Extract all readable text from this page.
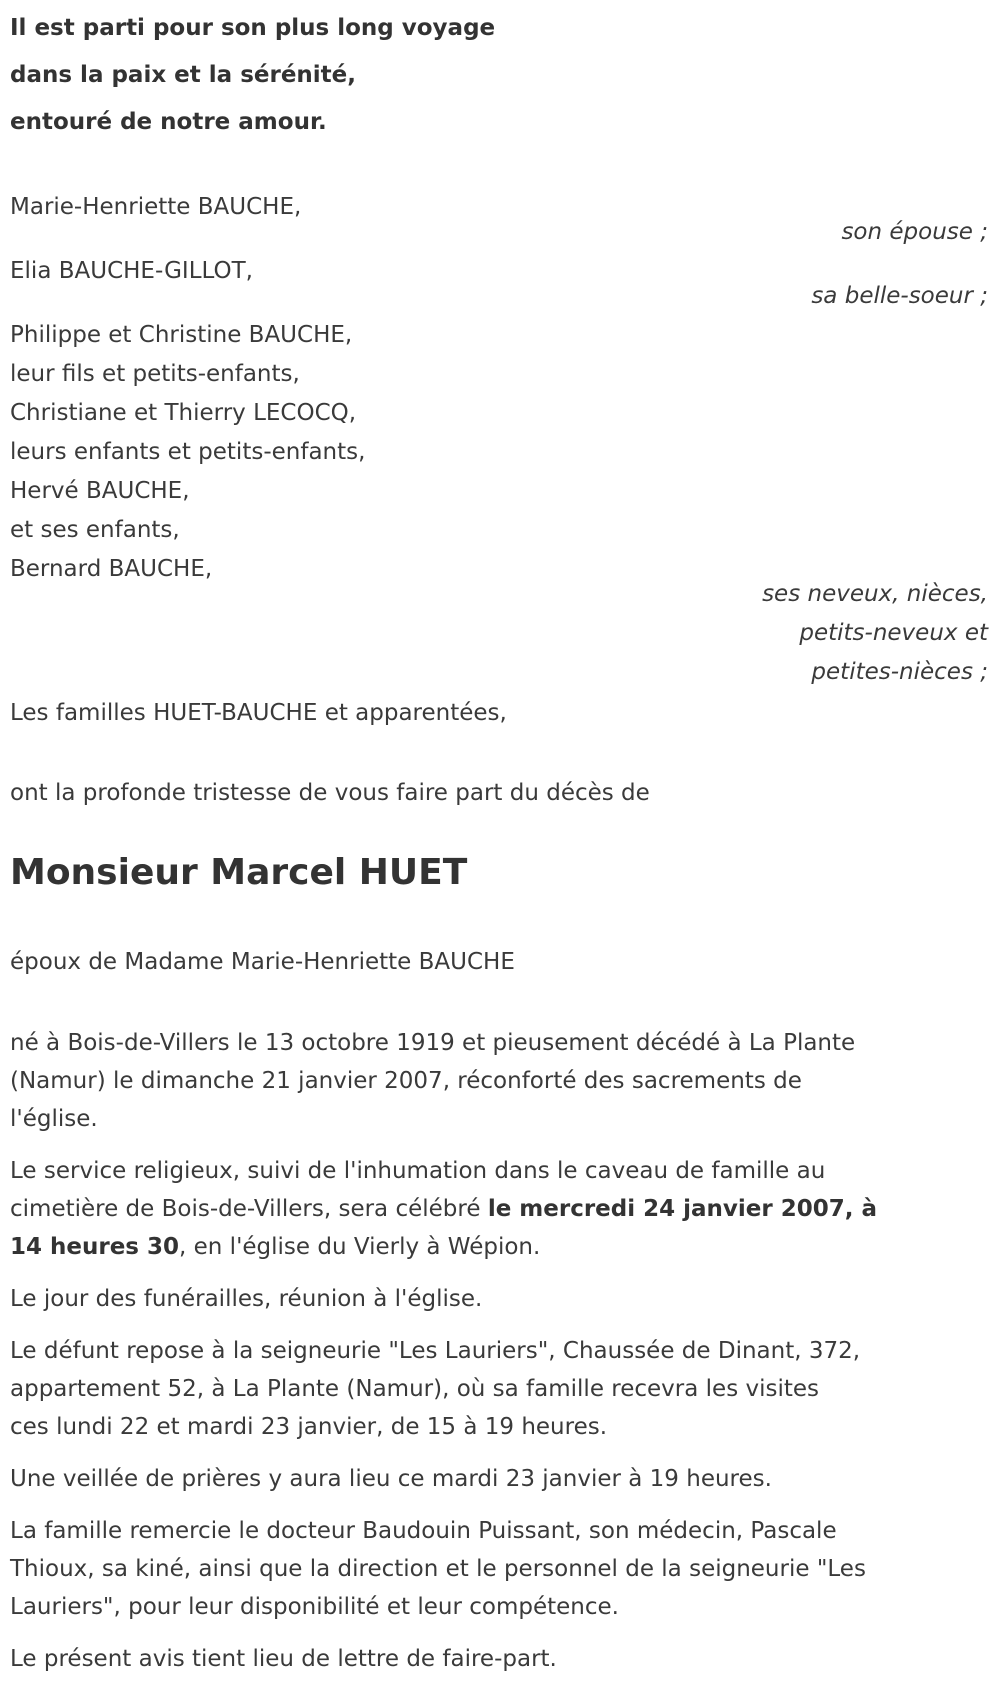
Il est parti pour son plus long voyage
dans la paix et la sérénité,
entouré de notre amour.
Marie-Henriette BAUCHE,
son épouse ;
Elia BAUCHE-GILLOT,
sa belle-soeur ;
Philippe et Christine BAUCHE,
leur fils et petits-enfants,
Christiane et Thierry LECOCQ,
leurs enfants et petits-enfants,
Hervé BAUCHE,
et ses enfants,
Bernard BAUCHE,
ses neveux, nièces,
petits-neveux et
petites-nièces ;
Les familles HUET-BAUCHE et apparentées,
ont la profonde tristesse de vous faire part du décès de
Monsieur Marcel HUET
époux de Madame Marie-Henriette BAUCHE

né à Bois-de-Villers le 13 octobre 1919 et pieusement décédé à La Plante
(Namur) le dimanche 21 janvier 2007, réconforté des sacrements de
l'église.

Le service religieux, suivi de l'inhumation dans le caveau de famille au
cimetière de Bois-de-Villers, sera célébré le mercredi 24 janvier 2007, à
14 heures 30, en l'église du Vierly à Wépion.

Le jour des funérailles, réunion à l'église.

Le défunt repose à la seigneurie "Les Lauriers", Chaussée de Dinant, 372,
appartement 52, à La Plante (Namur), où sa famille recevra les visites
ces lundi 22 et mardi 23 janvier, de 15 à 19 heures.

Une veillée de prières y aura lieu ce mardi 23 janvier à 19 heures.

La famille remercie le docteur Baudouin Puissant, son médecin, Pascale
Thioux, sa kiné, ainsi que la direction et le personnel de la seigneurie "Les
Lauriers", pour leur disponibilité et leur compétence.

Le présent avis tient lieu de lettre de faire-part.
